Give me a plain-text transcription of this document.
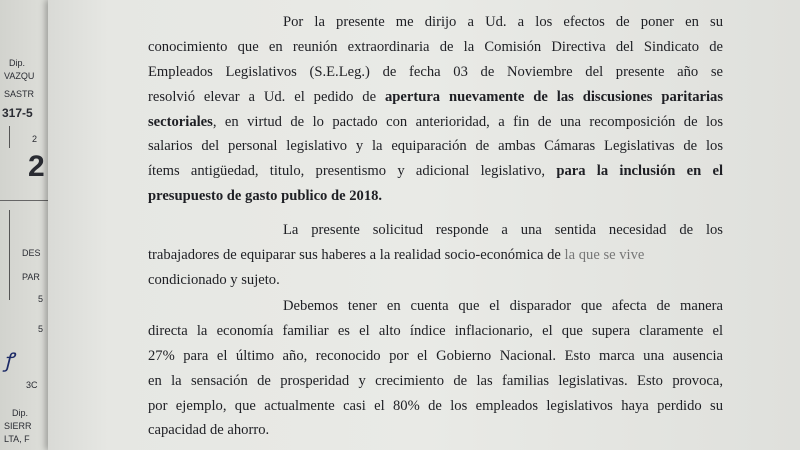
Dip.
VAZQU
SASTR
317-5
2
2
DES
PAR
5
5
ꝭ
3C
Dip.
SIERR
LTA, F
Por la presente me dirijo a Ud. a los efectos de poner en su
conocimiento que en reunión extraordinaria de la Comisión Directiva del Sindicato de
Empleados Legislativos (S.E.Leg.) de fecha 03 de Noviembre del presente año se
resolvió elevar a Ud. el pedido de apertura nuevamente de las discusiones paritarias
sectoriales, en virtud de lo pactado con anterioridad, a fin de una recomposición de los
salarios del personal legislativo y la equiparación de ambas Cámaras Legislativas de los
ítems antigüedad, titulo, presentismo y adicional legislativo, para la inclusión en el
presupuesto de gasto publico de 2018.
La presente solicitud responde a una sentida necesidad de los
trabajadores de equiparar sus haberes a la realidad socio-económica de la que se vive
condicionado y sujeto.
Debemos tener en cuenta que el disparador que afecta de manera
directa la economía familiar es el alto índice inflacionario, el que supera claramente el
27% para el último año, reconocido por el Gobierno Nacional. Esto marca una ausencia
en la sensación de prosperidad y crecimiento de las familias legislativas. Esto provoca,
por ejemplo, que actualmente casi el 80% de los empleados legislativos haya perdido su
capacidad de ahorro.
